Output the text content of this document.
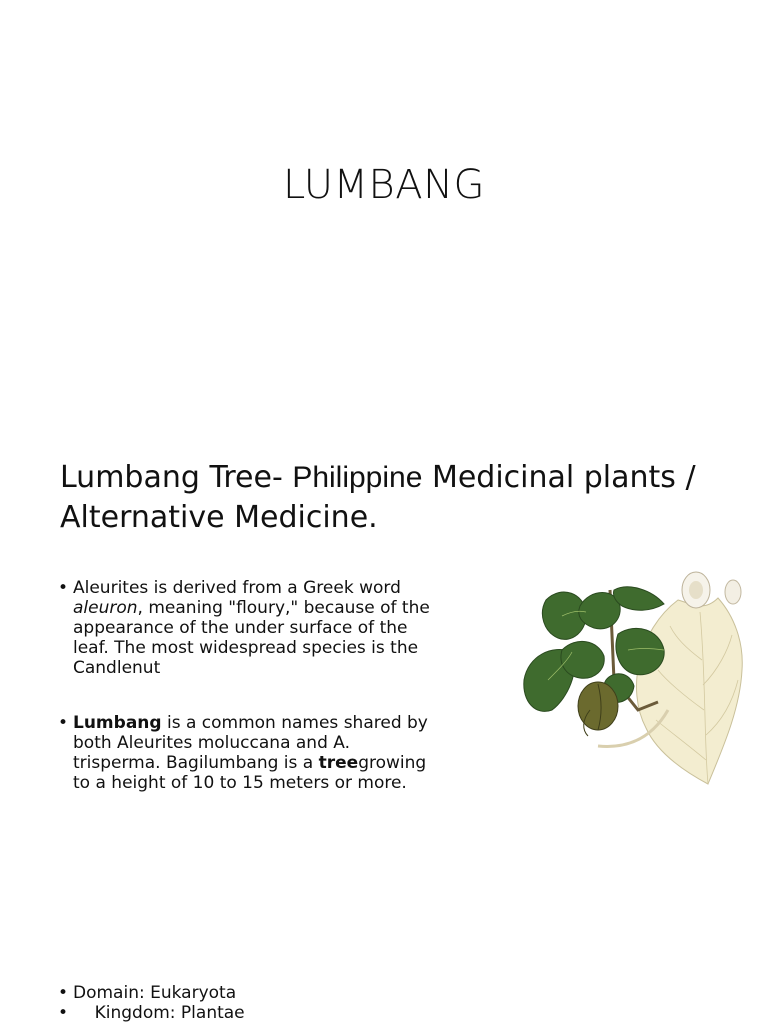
LUMBANG
Lumbang Tree- Philippine Medicinal plants / Alternative Medicine.
• Aleurites is derived from a Greek word aleuron, meaning "floury," because of the appearance of the under surface of the leaf. The most widespread species is the Candlenut
• Lumbang is a common names shared by both Aleurites moluccana and A. trisperma. Bagilumbang is a treegrowing to a height of 10 to 15 meters or more.
• Domain: Eukaryota
• Kingdom: Plantae
